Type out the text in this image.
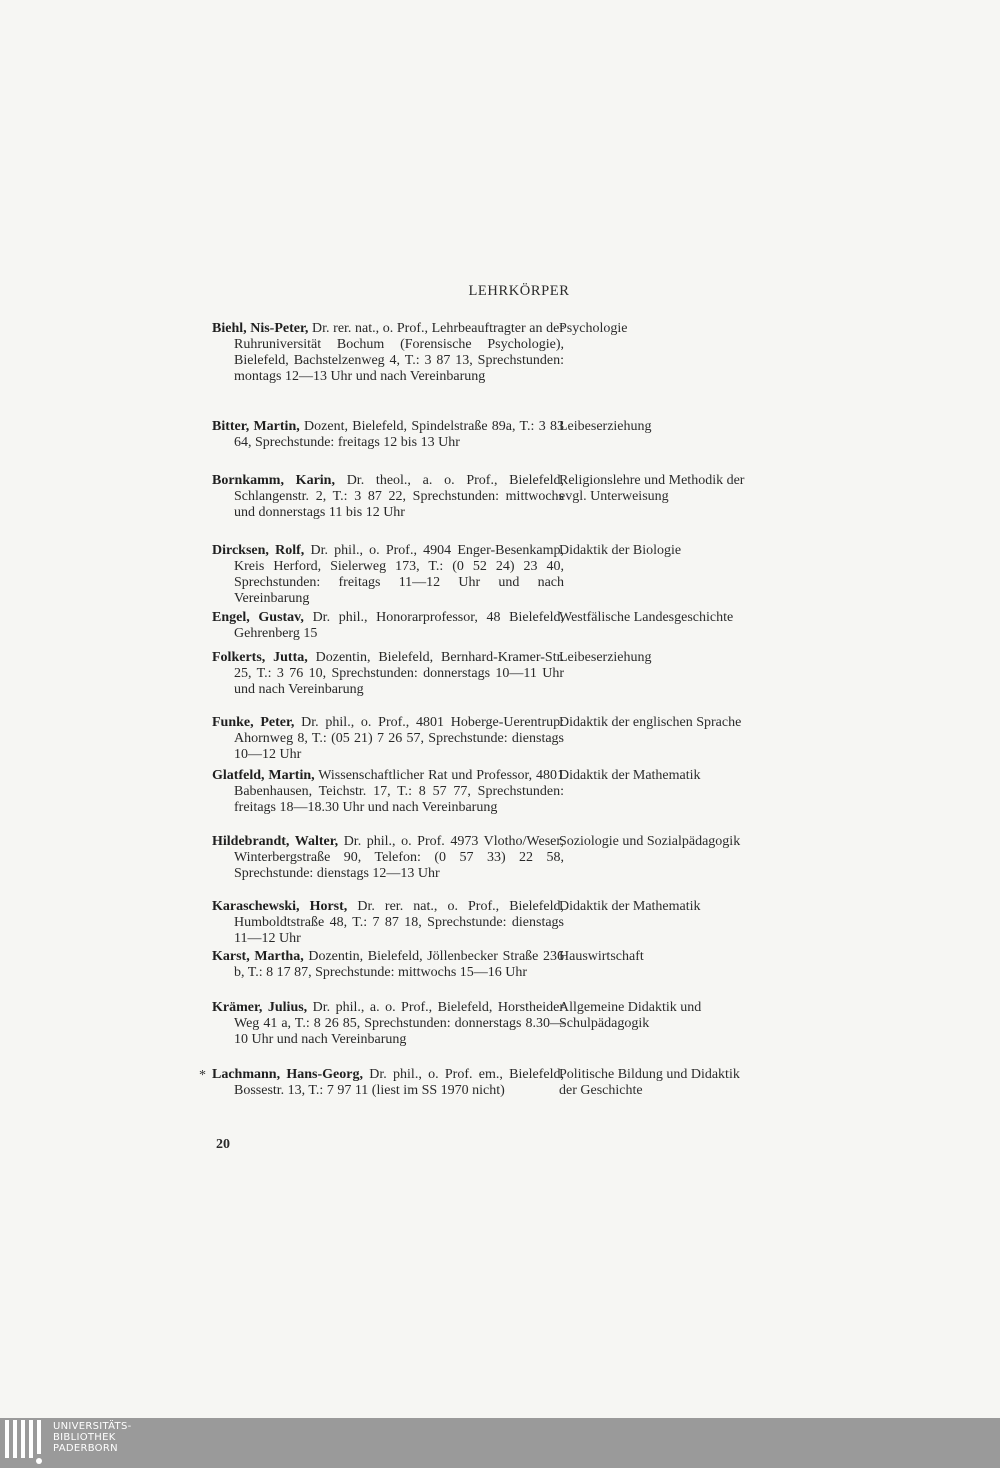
LEHRKÖRPER
Biehl, Nis-Peter, Dr. rer. nat., o. Prof., Lehrbeauftragter an der Ruhruniversität Bochum (Forensische Psychologie), Bielefeld, Bachstelzenweg 4, T.: 3 87 13, Sprechstunden: montags 12—13 Uhr und nach Vereinbarung
Psychologie
Bitter, Martin, Dozent, Bielefeld, Spindelstraße 89a, T.: 3 83 64, Sprechstunde: freitags 12 bis 13 Uhr
Leibeserziehung
Bornkamm, Karin, Dr. theol., a. o. Prof., Bielefeld, Schlangenstr. 2, T.: 3 87 22, Sprechstunden: mittwochs und donnerstags 11 bis 12 Uhr
Religionslehre und Methodik der evgl. Unterweisung
Dircksen, Rolf, Dr. phil., o. Prof., 4904 Enger-Besenkamp, Kreis Herford, Sielerweg 173, T.: (0 52 24) 23 40, Sprechstunden: freitags 11—12 Uhr und nach Vereinbarung
Didaktik der Biologie
Engel, Gustav, Dr. phil., Honorarprofessor, 48 Bielefeld, Gehrenberg 15
Westfälische Landesgeschichte
Folkerts, Jutta, Dozentin, Bielefeld, Bernhard-Kramer-Str. 25, T.: 3 76 10, Sprechstunden: donnerstags 10—11 Uhr und nach Vereinbarung
Leibeserziehung
Funke, Peter, Dr. phil., o. Prof., 4801 Hoberge-Uerentrup: Ahornweg 8, T.: (05 21) 7 26 57, Sprechstunde: dienstags 10—12 Uhr
Didaktik der englischen Sprache
Glatfeld, Martin, Wissenschaftlicher Rat und Professor, 4801 Babenhausen, Teichstr. 17, T.: 8 57 77, Sprechstunden: freitags 18—18.30 Uhr und nach Vereinbarung
Didaktik der Mathematik
Hildebrandt, Walter, Dr. phil., o. Prof. 4973 Vlotho/Weser, Winterbergstraße 90, Telefon: (0 57 33) 22 58, Sprechstunde: dienstags 12—13 Uhr
Soziologie und Sozialpädagogik
Karaschewski, Horst, Dr. rer. nat., o. Prof., Bielefeld, Humboldtstraße 48, T.: 7 87 18, Sprechstunde: dienstags 11—12 Uhr
Didaktik der Mathematik
Karst, Martha, Dozentin, Bielefeld, Jöllenbecker Straße 236 b, T.: 8 17 87, Sprechstunde: mittwochs 15—16 Uhr
Hauswirtschaft
Krämer, Julius, Dr. phil., a. o. Prof., Bielefeld, Horstheider Weg 41 a, T.: 8 26 85, Sprechstunden: donnerstags 8.30—10 Uhr und nach Vereinbarung
Allgemeine Didaktik und Schulpädagogik
* Lachmann, Hans-Georg, Dr. phil., o. Prof. em., Bielefeld, Bossestr. 13, T.: 7 97 11 (liest im SS 1970 nicht)
Politische Bildung und Didaktik der Geschichte
20
UNIVERSITÄTS-
BIBLIOTHEK
PADERBORN
